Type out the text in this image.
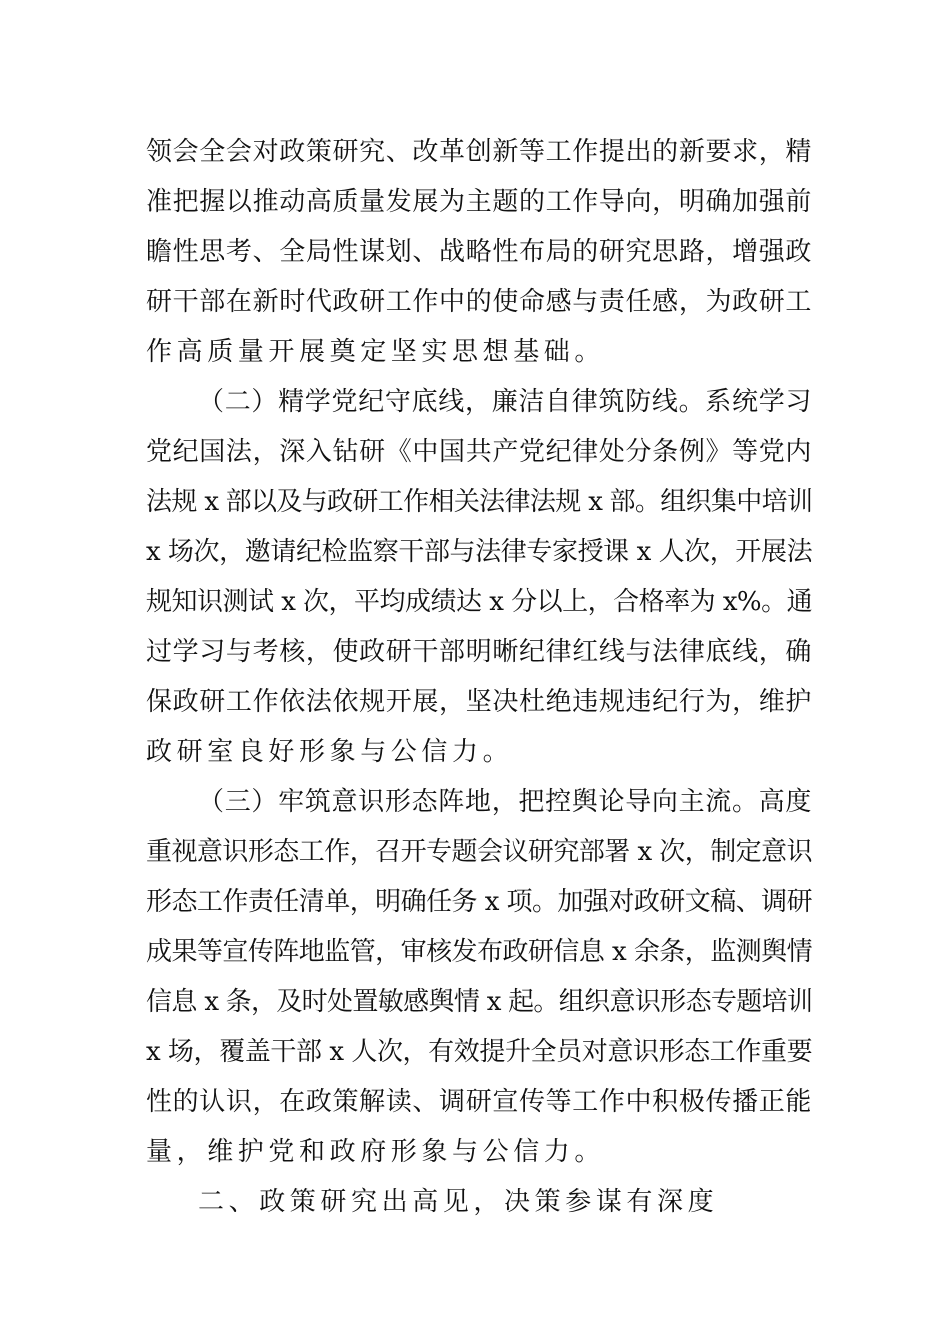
领会全会对政策研究、改革创新等工作提出的新要求，精
准把握以推动高质量发展为主题的工作导向，明确加强前
瞻性思考、全局性谋划、战略性布局的研究思路，增强政
研干部在新时代政研工作中的使命感与责任感，为政研工
作高质量开展奠定坚实思想基础。
（二）精学党纪守底线，廉洁自律筑防线。系统学习
党纪国法，深入钻研《中国共产党纪律处分条例》等党内
法规 x 部以及与政研工作相关法律法规 x 部。组织集中培训
x 场次，邀请纪检监察干部与法律专家授课 x 人次，开展法
规知识测试 x 次，平均成绩达 x 分以上，合格率为 x%。通
过学习与考核，使政研干部明晰纪律红线与法律底线，确
保政研工作依法依规开展，坚决杜绝违规违纪行为，维护
政研室良好形象与公信力。
（三）牢筑意识形态阵地，把控舆论导向主流。高度
重视意识形态工作，召开专题会议研究部署 x 次，制定意识
形态工作责任清单，明确任务 x 项。加强对政研文稿、调研
成果等宣传阵地监管，审核发布政研信息 x 余条，监测舆情
信息 x 条，及时处置敏感舆情 x 起。组织意识形态专题培训
x 场，覆盖干部 x 人次，有效提升全员对意识形态工作重要
性的认识，在政策解读、调研宣传等工作中积极传播正能
量，维护党和政府形象与公信力。
二、政策研究出高见，决策参谋有深度
